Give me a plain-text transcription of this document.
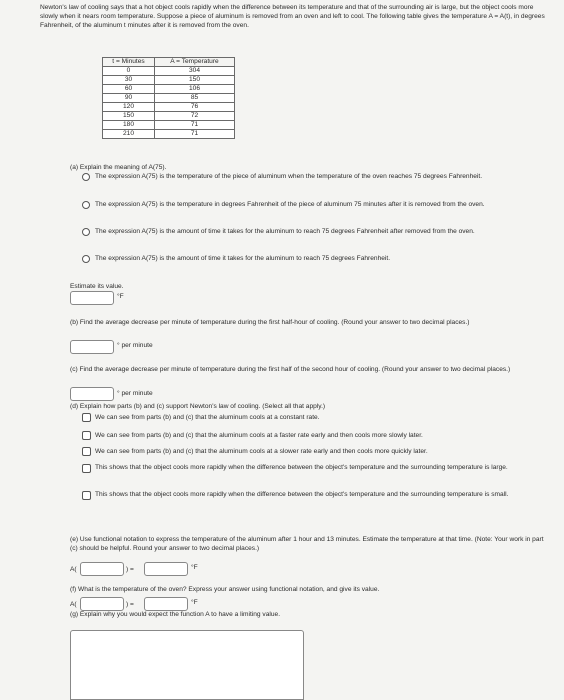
Newton's law of cooling says that a hot object cools rapidly when the difference between its temperature and that of the surrounding air is large, but the object cools more slowly when it nears room temperature. Suppose a piece of aluminum is removed from an oven and left to cool. The following table gives the temperature A = A(t), in degrees Fahrenheit, of the aluminum t minutes after it is removed from the oven.

t = Minutes	A = Temperature
0	304
30	150
60	106
90	85
120	76
150	72
180	71
210	71

(a) Explain the meaning of A(75).

The expression A(75) is the temperature of the piece of aluminum when the temperature of the oven reaches 75 degrees Fahrenheit.
The expression A(75) is the temperature in degrees Fahrenheit of the piece of aluminum 75 minutes after it is removed from the oven.
The expression A(75) is the amount of time it takes for the aluminum to reach 75 degrees Fahrenheit after removed from the oven.
The expression A(75) is the amount of time it takes for the aluminum to reach 75 degrees Fahrenheit.

Estimate its value.

°F

(b) Find the average decrease per minute of temperature during the first half-hour of cooling. (Round your answer to two decimal places.)

° per minute

(c) Find the average decrease per minute of temperature during the first half of the second hour of cooling. (Round your answer to two decimal places.)

° per minute

(d) Explain how parts (b) and (c) support Newton's law of cooling. (Select all that apply.)

We can see from parts (b) and (c) that the aluminum cools at a constant rate.
We can see from parts (b) and (c) that the aluminum cools at a faster rate early and then cools more slowly later.
We can see from parts (b) and (c) that the aluminum cools at a slower rate early and then cools more quickly later.
This shows that the object cools more rapidly when the difference between the object's temperature and the surrounding temperature is large.
This shows that the object cools more rapidly when the difference between the object's temperature and the surrounding temperature is small.

(e) Use functional notation to express the temperature of the aluminum after 1 hour and 13 minutes. Estimate the temperature at that time. (Note: Your work in part (c) should be helpful. Round your answer to two decimal places.)

A(	) =	°F

(f) What is the temperature of the oven? Express your answer using functional notation, and give its value.

A(	) =	°F

(g) Explain why you would expect the function A to have a limiting value.
